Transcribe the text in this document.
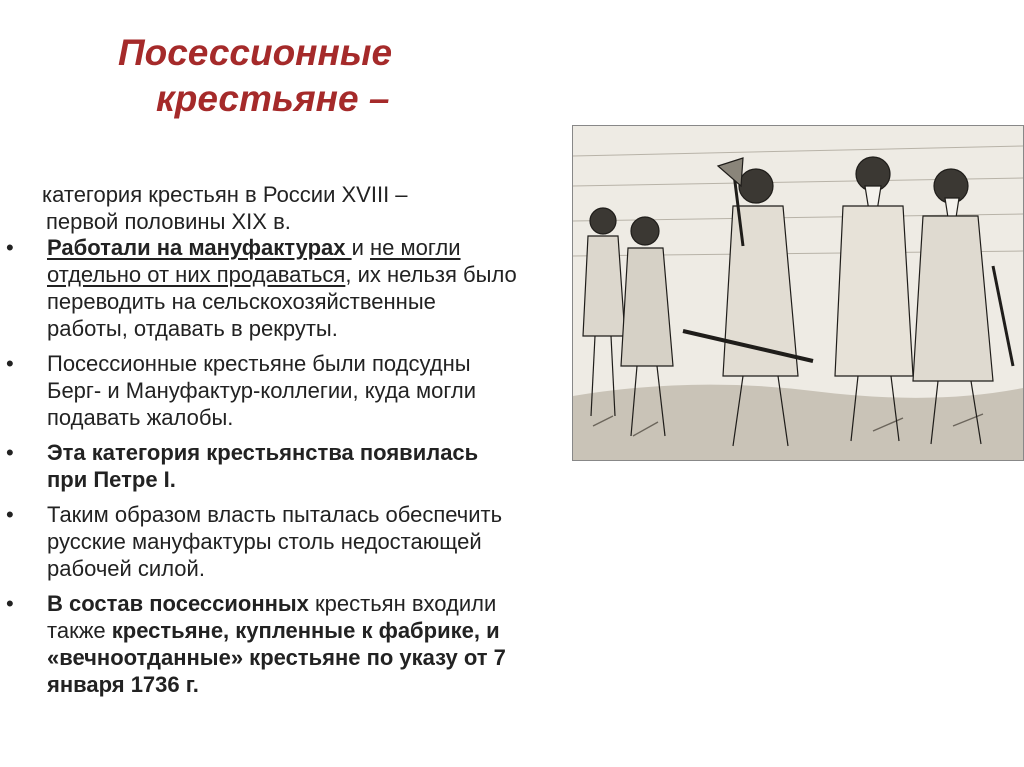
Посессионные
крестьяне –
категория крестьян в России XVIII –
первой половины XIX в.
• Работали на мануфактурах и не могли отдельно от них продаваться, их нельзя было переводить на сельскохозяйственные работы, отдавать в рекруты.
• Посессионные крестьяне были подсудны Берг- и Мануфактур-коллегии, куда могли подавать жалобы.
• Эта категория крестьянства появилась при Петре I.
• Таким образом власть пыталась обеспечить русские мануфактуры столь недостающей рабочей силой.
• В состав посессионных крестьян входили также крестьяне, купленные к фабрике, и «вечноотданные» крестьяне по указу от 7 января 1736 г.
